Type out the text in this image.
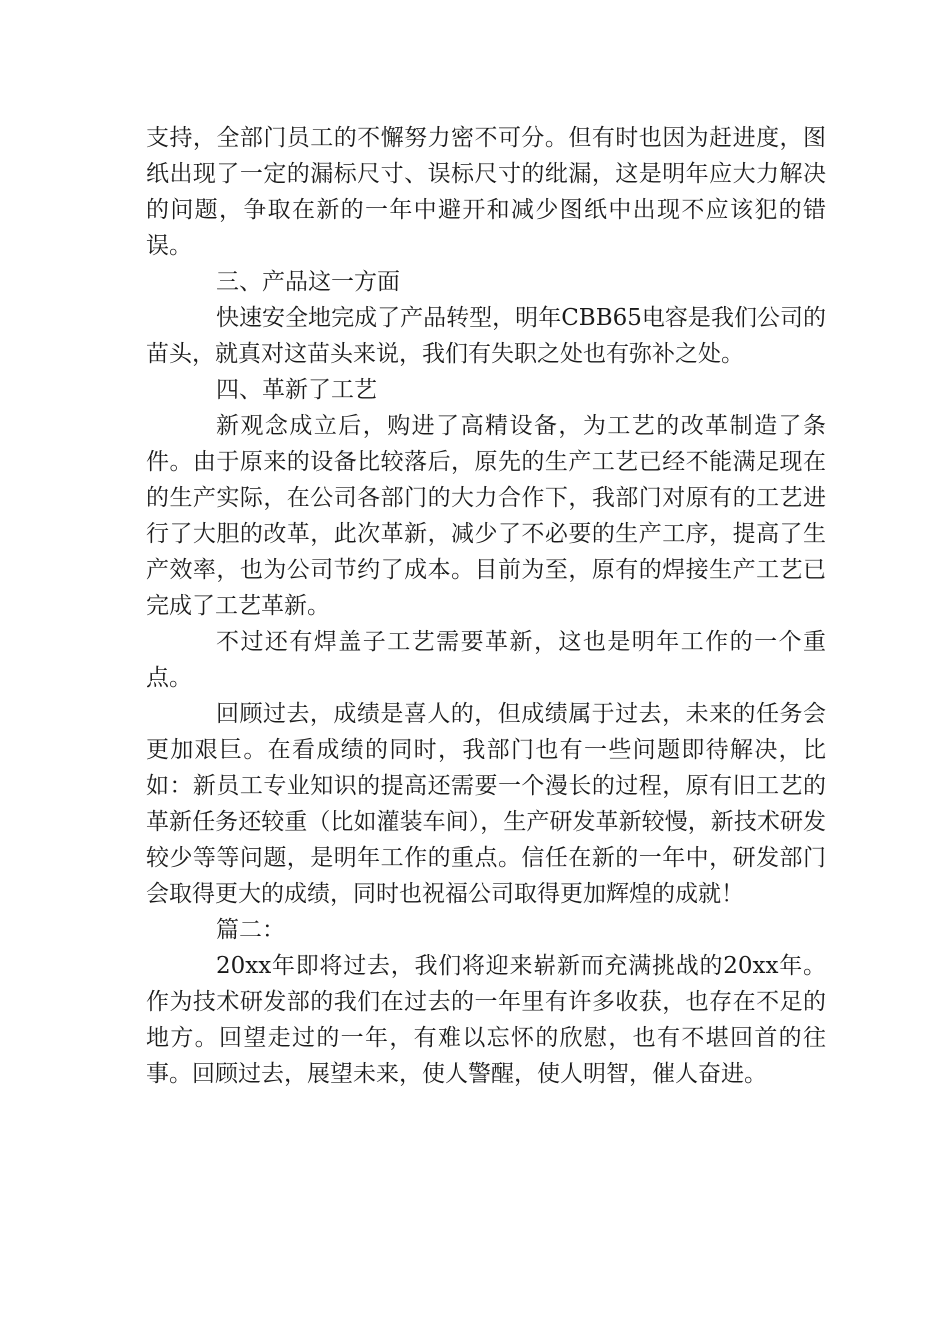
支持，全部门员工的不懈努力密不可分。但有时也因为赶进度，图纸出现了一定的漏标尺寸、误标尺寸的纰漏，这是明年应大力解决的问题，争取在新的一年中避开和减少图纸中出现不应该犯的错误。

三、产品这一方面

快速安全地完成了产品转型，明年CBB65电容是我们公司的苗头，就真对这苗头来说，我们有失职之处也有弥补之处。

四、革新了工艺

新观念成立后，购进了高精设备，为工艺的改革制造了条件。由于原来的设备比较落后，原先的生产工艺已经不能满足现在的生产实际，在公司各部门的大力合作下，我部门对原有的工艺进行了大胆的改革，此次革新，减少了不必要的生产工序，提高了生产效率，也为公司节约了成本。目前为至，原有的焊接生产工艺已完成了工艺革新。

不过还有焊盖子工艺需要革新，这也是明年工作的一个重点。

回顾过去，成绩是喜人的，但成绩属于过去，未来的任务会更加艰巨。在看成绩的同时，我部门也有一些问题即待解决，比如：新员工专业知识的提高还需要一个漫长的过程，原有旧工艺的革新任务还较重（比如灌装车间），生产研发革新较慢，新技术研发较少等等问题，是明年工作的重点。信任在新的一年中，研发部门会取得更大的成绩，同时也祝福公司取得更加辉煌的成就！

篇二：

20xx年即将过去，我们将迎来崭新而充满挑战的20xx年。作为技术研发部的我们在过去的一年里有许多收获，也存在不足的地方。回望走过的一年，有难以忘怀的欣慰，也有不堪回首的往事。回顾过去，展望未来，使人警醒，使人明智，催人奋进。
